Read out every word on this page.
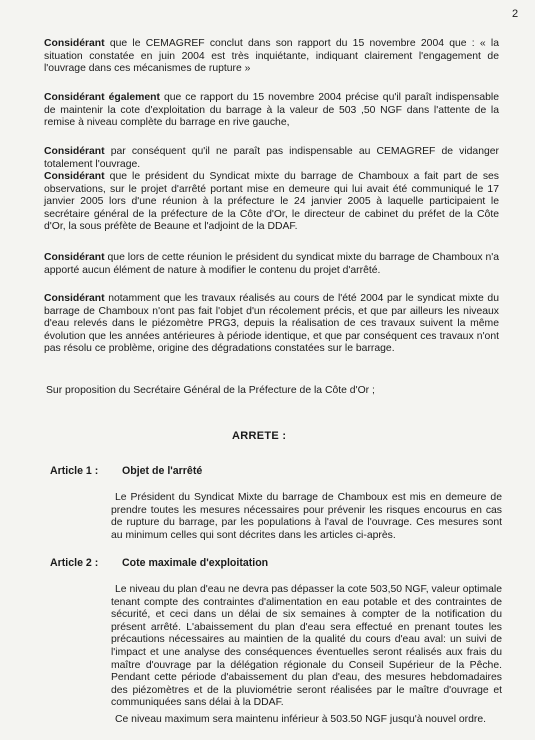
2
Considérant que le CEMAGREF conclut dans son rapport du 15 novembre 2004 que : « la situation constatée en juin 2004 est très inquiétante, indiquant clairement l'engagement de l'ouvrage dans ces mécanismes de rupture »
Considérant également que ce rapport du 15 novembre 2004 précise qu'il paraît indispensable de maintenir la cote d'exploitation du barrage à la valeur de 503 ,50 NGF dans l'attente de la remise à niveau complète du barrage en rive gauche,
Considérant par conséquent qu'il ne paraît pas indispensable au CEMAGREF de vidanger totalement l'ouvrage.
Considérant que le président du Syndicat mixte du barrage de Chamboux a fait part de ses observations, sur le projet d'arrêté portant mise en demeure qui lui avait été communiqué le 17 janvier 2005 lors d'une réunion à la préfecture le 24 janvier 2005 à laquelle participaient le secrétaire général de la préfecture de la Côte d'Or, le directeur de cabinet du préfet de la Côte d'Or, la sous préfète de Beaune et l'adjoint de la DDAF.
Considérant que lors de cette réunion le président du syndicat mixte du barrage de Chamboux n'a apporté aucun élément de nature à modifier le contenu du projet d'arrêté.
Considérant notamment que les travaux réalisés au cours de l'été 2004 par le syndicat mixte du barrage de Chamboux n'ont pas fait l'objet d'un récolement précis, et que par ailleurs les niveaux d'eau relevés dans le piézomètre PRG3, depuis la réalisation de ces travaux suivent la même évolution que les années antérieures à période identique, et que par conséquent ces travaux n'ont pas résolu ce problème, origine des dégradations constatées sur le barrage.
Sur proposition du Secrétaire Général de la Préfecture de la Côte d'Or ;
ARRETE :
Article 1 : Objet de l'arrêté
Le Président du Syndicat Mixte du barrage de Chamboux est mis en demeure de prendre toutes les mesures nécessaires pour prévenir les risques encourus en cas de rupture du barrage, par les populations à l'aval de l'ouvrage. Ces mesures sont au minimum celles qui sont décrites dans les articles ci-après.
Article 2 : Cote maximale d'exploitation
Le niveau du plan d'eau ne devra pas dépasser la cote 503,50 NGF, valeur optimale tenant compte des contraintes d'alimentation en eau potable et des contraintes de sécurité, et ceci dans un délai de six semaines à compter de la notification du présent arrêté. L'abaissement du plan d'eau sera effectué en prenant toutes les précautions nécessaires au maintien de la qualité du cours d'eau aval: un suivi de l'impact et une analyse des conséquences éventuelles seront réalisés aux frais du maître d'ouvrage par la délégation régionale du Conseil Supérieur de la Pêche. Pendant cette période d'abaissement du plan d'eau, des mesures hebdomadaires des piézomètres et de la pluviométrie seront réalisées par le maître d'ouvrage et communiquées sans délai à la DDAF.
Ce niveau maximum sera maintenu inférieur à 503.50 NGF jusqu'à nouvel ordre.
